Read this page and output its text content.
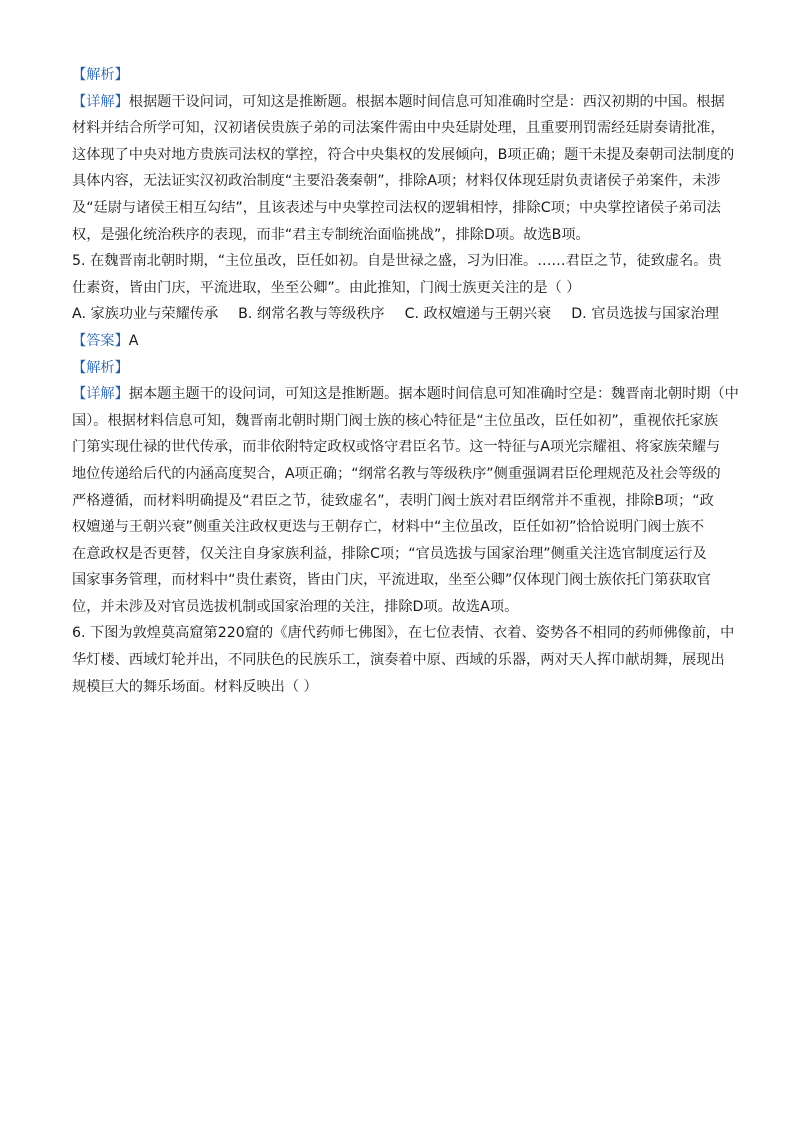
【解析】
【详解】根据题干设问词，可知这是推断题。根据本题时间信息可知准确时空是：西汉初期的中国。根据
材料并结合所学可知，汉初诸侯贵族子弟的司法案件需由中央廷尉处理，且重要刑罚需经廷尉奏请批准，
这体现了中央对地方贵族司法权的掌控，符合中央集权的发展倾向，B项正确；题干未提及秦朝司法制度的
具体内容，无法证实汉初政治制度“主要沿袭秦朝”，排除A项；材料仅体现廷尉负责诸侯子弟案件，未涉
及“廷尉与诸侯王相互勾结”，且该表述与中央掌控司法权的逻辑相悖，排除C项；中央掌控诸侯子弟司法
权，是强化统治秩序的表现，而非“君主专制统治面临挑战”，排除D项。故选B项。
5. 在魏晋南北朝时期，“主位虽改，臣任如初。自是世禄之盛，习为旧准。……君臣之节，徒致虚名。贵
仕素资，皆由门庆，平流进取，坐至公卿”。由此推知，门阀士族更关注的是（ ）
A. 家族功业与荣耀传承 B. 纲常名教与等级秩序 C. 政权嬗递与王朝兴衰 D. 官员选拔与国家治理
【答案】A
【解析】
【详解】据本题主题干的设问词，可知这是推断题。据本题时间信息可知准确时空是：魏晋南北朝时期（中
国）。根据材料信息可知，魏晋南北朝时期门阀士族的核心特征是“主位虽改，臣任如初”，重视依托家族
门第实现仕禄的世代传承，而非依附特定政权或恪守君臣名节。这一特征与A项光宗耀祖、将家族荣耀与
地位传递给后代的内涵高度契合，A项正确；“纲常名教与等级秩序”侧重强调君臣伦理规范及社会等级的
严格遵循，而材料明确提及“君臣之节，徒致虚名”，表明门阀士族对君臣纲常并不重视，排除B项；“政
权嬗递与王朝兴衰”侧重关注政权更迭与王朝存亡，材料中“主位虽改，臣任如初”恰恰说明门阀士族不
在意政权是否更替，仅关注自身家族利益，排除C项；“官员选拔与国家治理”侧重关注选官制度运行及
国家事务管理，而材料中“贵仕素资，皆由门庆，平流进取，坐至公卿”仅体现门阀士族依托门第获取官
位，并未涉及对官员选拔机制或国家治理的关注，排除D项。故选A项。
6. 下图为敦煌莫高窟第220窟的《唐代药师七佛图》，在七位表情、衣着、姿势各不相同的药师佛像前，中
华灯楼、西域灯轮并出，不同肤色的民族乐工，演奏着中原、西域的乐器，两对天人挥巾献胡舞，展现出
规模巨大的舞乐场面。材料反映出（ ）
